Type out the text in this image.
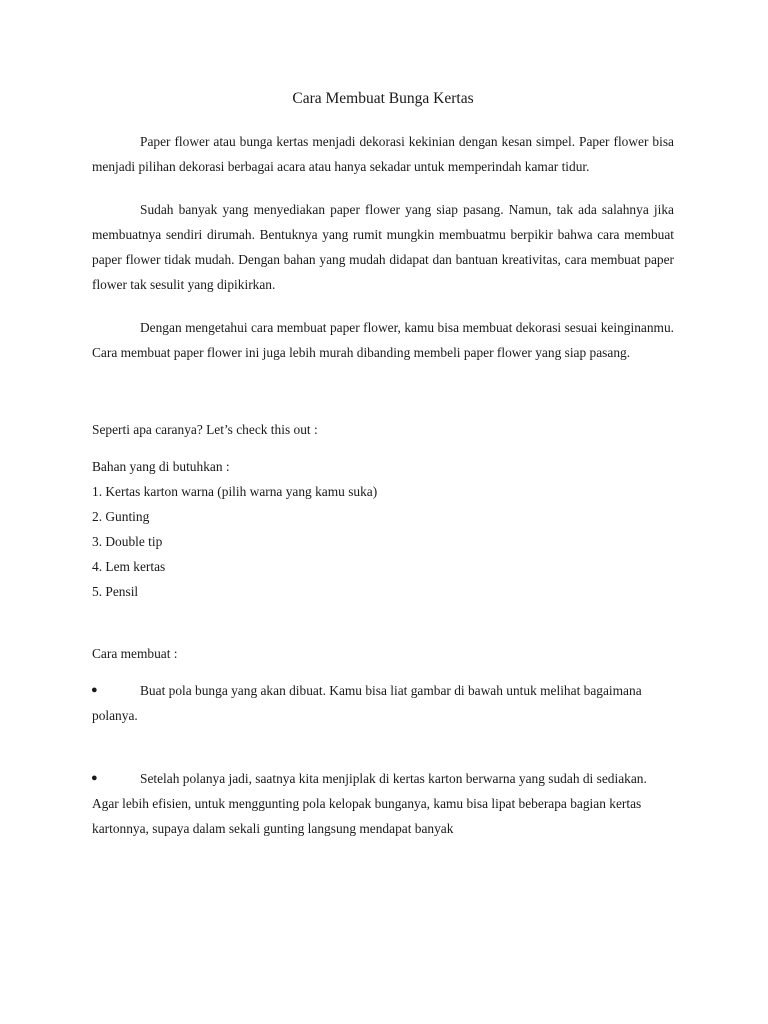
Cara Membuat Bunga Kertas

Paper flower atau bunga kertas menjadi dekorasi kekinian dengan kesan simpel. Paper flower bisa menjadi pilihan dekorasi berbagai acara atau hanya sekadar untuk memperindah kamar tidur.

Sudah banyak yang menyediakan paper flower yang siap pasang. Namun, tak ada salahnya jika membuatnya sendiri dirumah. Bentuknya yang rumit mungkin membuatmu berpikir bahwa cara membuat paper flower tidak mudah. Dengan bahan yang mudah didapat dan bantuan kreativitas, cara membuat paper flower tak sesulit yang dipikirkan.

Dengan mengetahui cara membuat paper flower, kamu bisa membuat dekorasi sesuai keinginanmu. Cara membuat paper flower ini juga lebih murah dibanding membeli paper flower yang siap pasang.

Seperti apa caranya? Let’s check this out :

Bahan yang di butuhkan :

1. Kertas karton warna (pilih warna yang kamu suka)
2. Gunting
3. Double tip
4. Lem kertas
5. Pensil

Cara membuat :

●	Buat pola bunga yang akan dibuat. Kamu bisa liat gambar di bawah untuk melihat bagaimana polanya.

●	Setelah polanya jadi, saatnya kita menjiplak di kertas karton berwarna yang sudah di sediakan. Agar lebih efisien, untuk menggunting pola kelopak bunganya, kamu bisa lipat beberapa bagian kertas kartonnya, supaya dalam sekali gunting langsung mendapat banyak
